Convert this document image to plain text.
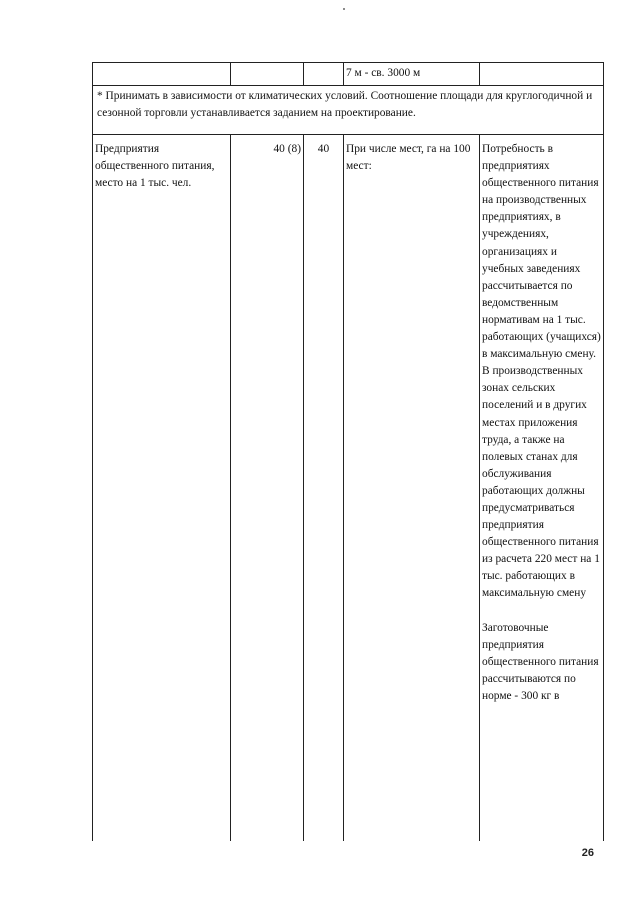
			7 м - св. 3000 м	
* Принимать в зависимости от климатических условий. Соотношение площади для круглогодичной и сезонной торговли устанавливается заданием на проектирование.				
Предприятия общественного питания, место на 1 тыс. чел.	40 (8)	40	При числе мест, га на 100 мест:	Потребность в предприятиях общественного питания на производственных предприятиях, в учреждениях, организациях и учебных заведениях рассчитывается по ведомственным нормативам на 1 тыс. работающих (учащихся) в максимальную смену.

В производственных зонах сельских поселений и в других местах приложения труда, а также на полевых станах для обслуживания работающих должны предусматриваться предприятия общественного питания из расчета 220 мест на 1 тыс. работающих в максимальную смену

Заготовочные предприятия общественного питания рассчитываются по норме - 300 кг в

26
